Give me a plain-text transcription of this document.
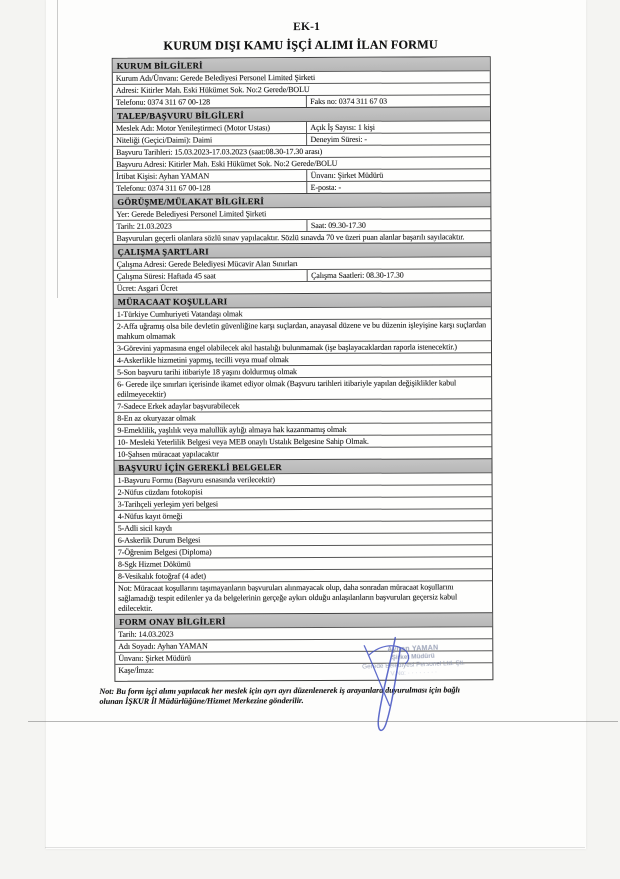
EK-1
KURUM DIŞI KAMU İŞÇİ ALIMI İLAN FORMU
KURUM BİLGİLERİ
Kurum Adı/Ünvanı: Gerede Belediyesi Personel Limited Şirketi
Adresi: Kitirler Mah. Eski Hükümet Sok. No:2 Gerede/BOLU
Telefonu: 0374 311 67 00-128	Faks no: 0374 311 67 03
TALEP/BAŞVURU BİLGİLERİ
Meslek Adı: Motor Yenileştirmeci (Motor Ustası)	Açık İş Sayısı: 1 kişi
Niteliği (Geçici/Daimi): Daimi	Deneyim Süresi: -
Başvuru Tarihleri: 15.03.2023-17.03.2023 (saat:08.30-17.30 arası)
Başvuru Adresi: Kitirler Mah. Eski Hükümet Sok. No:2 Gerede/BOLU
İrtibat Kişisi: Ayhan YAMAN	Ünvanı: Şirket Müdürü
Telefonu: 0374 311 67 00-128	E-posta: -
GÖRÜŞME/MÜLAKAT BİLGİLERİ
Yer: Gerede Belediyesi Personel Limited Şirketi
Tarih: 21.03.2023	Saat: 09.30-17.30
Başvuruları geçerli olanlara sözlü sınav yapılacaktır. Sözlü sınavda 70 ve üzeri puan alanlar başarılı sayılacaktır.
ÇALIŞMA ŞARTLARI
Çalışma Adresi: Gerede Belediyesi Mücavir Alan Sınırları
Çalışma Süresi: Haftada 45 saat	Çalışma Saatleri: 08.30-17.30
Ücret: Asgari Ücret
MÜRACAAT KOŞULLARI
1-Türkiye Cumhuriyeti Vatandaşı olmak
2-Affa uğramış olsa bile devletin güvenliğine karşı suçlardan, anayasal düzene ve bu düzenin işleyişine karşı suçlardan mahkum olmamak
3-Görevini yapmasına engel olabilecek akıl hastalığı bulunmamak (işe başlayacaklardan raporla istenecektir.)
4-Askerlikle hizmetini yapmış, tecilli veya muaf olmak
5-Son başvuru tarihi itibariyle 18 yaşını doldurmuş olmak
6- Gerede ilçe sınırları içerisinde ikamet ediyor olmak (Başvuru tarihleri itibariyle yapılan değişiklikler kabul edilmeyecektir)
7-Sadece Erkek adaylar başvurabilecek
8-En az okuryazar olmak
9-Emeklilik, yaşlılık veya malullük aylığı almaya hak kazanmamış olmak
10- Mesleki Yeterlilik Belgesi veya MEB onaylı Ustalık Belgesine Sahip Olmak.
10-Şahsen müracaat yapılacaktır
BAŞVURU İÇİN GEREKLİ BELGELER
1-Başvuru Formu (Başvuru esnasında verilecektir)
2-Nüfus cüzdanı fotokopisi
3-Tarihçeli yerleşim yeri belgesi
4-Nüfus kayıt örneği
5-Adli sicil kaydı
6-Askerlik Durum Belgesi
7-Öğrenim Belgesi (Diploma)
8-Sgk Hizmet Dökümü
8-Vesikalık fotoğraf (4 adet)
Not: Müracaat koşullarını taşımayanların başvuruları alınmayacak olup, daha sonradan müracaat koşullarını sağlamadığı tespit edilenler ya da belgelerinin gerçeğe aykırı olduğu anlaşılanların başvuruları geçersiz kabul edilecektir.
FORM ONAY BİLGİLERİ
Tarih: 14.03.2023
Adı Soyadı: Ayhan YAMAN
Ünvanı: Şirket Müdürü
Kaşe/İmza:
Not: Bu form işçi alımı yapılacak her meslek için ayrı ayrı düzenlenerek iş arayanlara duyurulması için bağlı
olunan İŞKUR İl Müdürlüğüne/Hizmet Merkezine gönderilir.
Ayhan YAMAN
Şirket Müdürü
Gerede Belediyesi Personel Ltd. Şti.
V.No: · · · · · · · ·
